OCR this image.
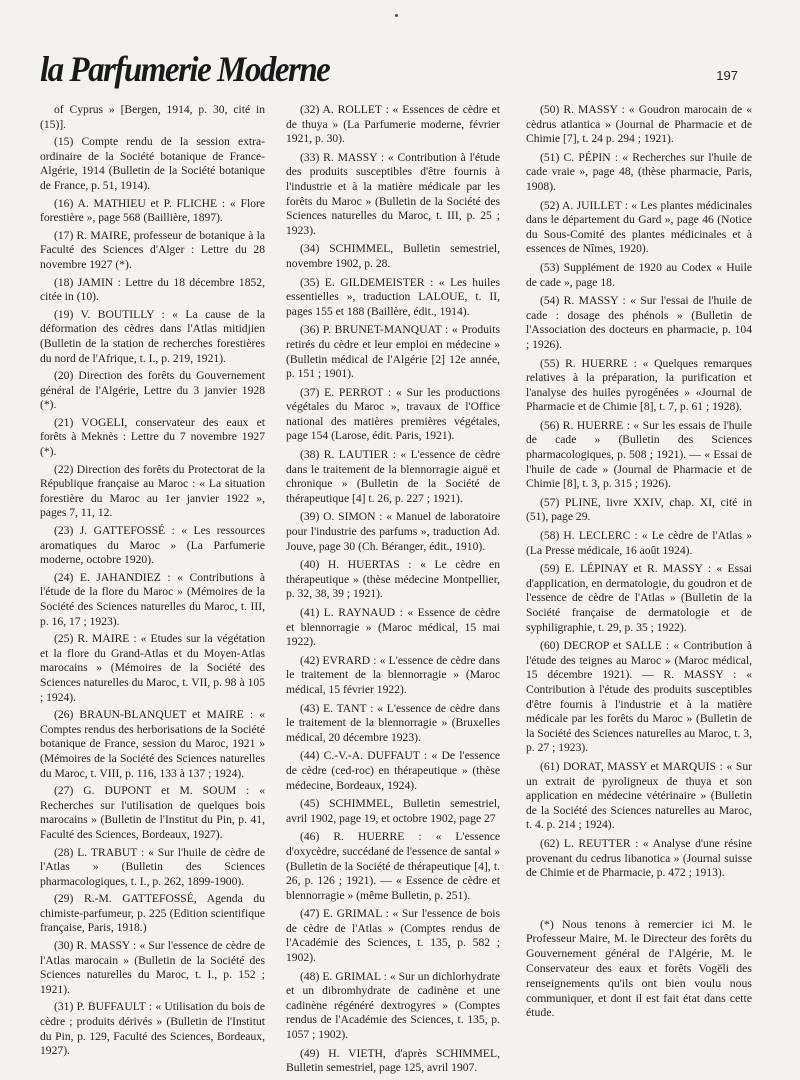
la Parfumerie Moderne	197

of Cyprus » [Bergen, 1914, p. 30, cité in (15)].

(15) Compte rendu de la session extra-ordinaire de la Société botanique de France-Algérie, 1914 (Bulletin de la Société botanique de France, p. 51, 1914).

(16) A. MATHIEU et P. FLICHE : « Flore forestière », page 568 (Baillière, 1897).

(17) R. MAIRE, professeur de botanique à la Faculté des Sciences d'Alger : Lettre du 28 novembre 1927 (*).

(18) JAMIN : Lettre du 18 décembre 1852, citée in (10).

(19) V. BOUTILLY : « La cause de la déformation des cèdres dans l'Atlas mitidjien (Bulletin de la station de recherches forestières du nord de l'Afrique, t. I., p. 219, 1921).

(20) Direction des forêts du Gouvernement général de l'Algérie, Lettre du 3 janvier 1928 (*).

(21) VOGELI, conservateur des eaux et forêts à Meknès : Lettre du 7 novembre 1927 (*).

(22) Direction des forêts du Protectorat de la République française au Maroc : « La situation forestière du Maroc au 1er janvier 1922 », pages 7, 11, 12.

(23) J. GATTEFOSSÉ : « Les ressources aromatiques du Maroc » (La Parfumerie moderne, octobre 1920).

(24) E. JAHANDIEZ : « Contributions à l'étude de la flore du Maroc » (Mémoires de la Société des Sciences naturelles du Maroc, t. III, p. 16, 17 ; 1923).

(25) R. MAIRE : « Etudes sur la végétation et la flore du Grand-Atlas et du Moyen-Atlas marocains » (Mémoires de la Société des Sciences naturelles du Maroc, t. VII, p. 98 à 105 ; 1924).

(26) BRAUN-BLANQUET et MAIRE : « Comptes rendus des herborisations de la Société botanique de France, session du Maroc, 1921 » (Mémoires de la Société des Sciences naturelles du Maroc, t. VIII, p. 116, 133 à 137 ; 1924).

(27) G. DUPONT et M. SOUM : « Recherches sur l'utilisation de quelques bois marocains » (Bulletin de l'Institut du Pin, p. 41, Faculté des Sciences, Bordeaux, 1927).

(28) L. TRABUT : « Sur l'huile de cèdre de l'Atlas » (Bulletin des Sciences pharmacologiques, t. I., p. 262, 1899-1900).

(29) R.-M. GATTEFOSSÉ, Agenda du chimiste-parfumeur, p. 225 (Edition scientifique française, Paris, 1918.)

(30) R. MASSY : « Sur l'essence de cèdre de l'Atlas marocain » (Bulletin de la Société des Sciences naturelles du Maroc, t. I., p. 152 ; 1921).

(31) P. BUFFAULT : « Utilisation du bois de cèdre ; produits dérivés » (Bulletin de l'Institut du Pin, p. 129, Faculté des Sciences, Bordeaux, 1927).

(32) A. ROLLET : « Essences de cèdre et de thuya » (La Parfumerie moderne, février 1921, p. 30).

(33) R. MASSY : « Contribution à l'étude des produits susceptibles d'être fournis à l'industrie et à la matière médicale par les forêts du Maroc » (Bulletin de la Société des Sciences naturelles du Maroc, t. III, p. 25 ; 1923).

(34) SCHIMMEL, Bulletin semestriel, novembre 1902, p. 28.

(35) E. GILDEMEISTER : « Les huiles essentielles », traduction LALOUE, t. II, pages 155 et 188 (Baillère, édit., 1914).

(36) P. BRUNET-MANQUAT : « Produits retirés du cèdre et leur emploi en médecine » (Bulletin médical de l'Algérie [2] 12e année, p. 151 ; 1901).

(37) E. PERROT : « Sur les productions végétales du Maroc », travaux de l'Office national des matières premières végétales, page 154 (Larose, édit. Paris, 1921).

(38) R. LAUTIER : « L'essence de cèdre dans le traitement de la blennorragie aiguë et chronique » (Bulletin de la Société de thérapeutique [4] t. 26, p. 227 ; 1921).

(39) O. SIMON : « Manuel de laboratoire pour l'industrie des parfums », traduction Ad. Jouve, page 30 (Ch. Béranger, édit., 1910).

(40) H. HUERTAS : « Le cèdre en thérapeutique » (thèse médecine Montpellier, p. 32, 38, 39 ; 1921).

(41) L. RAYNAUD : « Essence de cèdre et blennorragie » (Maroc médical, 15 mai 1922).

(42) EVRARD : « L'essence de cèdre dans le traitement de la blennorragie » (Maroc médical, 15 février 1922).

(43) E. TANT : « L'essence de cèdre dans le traitement de la blennorragie » (Bruxelles médical, 20 décembre 1923).

(44) C.-V.-A. DUFFAUT : « De l'essence de cèdre (ced-roc) en thérapeutique » (thèse médecine, Bordeaux, 1924).

(45) SCHIMMEL, Bulletin semestriel, avril 1902, page 19, et octobre 1902, page 27

(46) R. HUERRE : « L'essence d'oxycèdre, succédané de l'essence de santal » (Bulletin de la Société de thérapeutique [4], t. 26, p. 126 ; 1921). — « Essence de cèdre et blennorragie » (même Bulletin, p. 251).

(47) E. GRIMAL : « Sur l'essence de bois de cèdre de l'Atlas » (Comptes rendus de l'Académie des Sciences, t. 135, p. 582 ; 1902).

(48) E. GRIMAL : « Sur un dichlorhydrate et un dibromhydrate de cadinène et une cadinène régénéré dextrogyres » (Comptes rendus de l'Académie des Sciences, t. 135, p. 1057 ; 1902).

(49) H. VIETH, d'après SCHIMMEL, Bulletin semestriel, page 125, avril 1907.

(50) R. MASSY : « Goudron marocain de « cèdrus atlantica » (Journal de Pharmacie et de Chimie [7], t. 24 p. 294 ; 1921).

(51) C. PÉPIN : « Recherches sur l'huile de cade vraie », page 48, (thèse pharmacie, Paris, 1908).

(52) A. JUILLET : « Les plantes médicinales dans le département du Gard », page 46 (Notice du Sous-Comité des plantes médicinales et à essences de Nîmes, 1920).

(53) Supplément de 1920 au Codex « Huile de cade », page 18.

(54) R. MASSY : « Sur l'essai de l'huile de cade : dosage des phénols » (Bulletin de l'Association des docteurs en pharmacie, p. 104 ; 1926).

(55) R. HUERRE : « Quelques remarques relatives à la préparation, la purification et l'analyse des huiles pyrogénées » «Journal de Pharmacie et de Chimie [8], t. 7, p. 61 ; 1928).

(56) R. HUERRE : « Sur les essais de l'huile de cade » (Bulletin des Sciences pharmacologiques, p. 508 ; 1921). — « Essai de l'huile de cade » (Journal de Pharmacie et de Chimie [8], t. 3, p. 315 ; 1926).

(57) PLINE, livre XXIV, chap. XI, cité in (51), page 29.

(58) H. LECLERC : « Le cèdre de l'Atlas » (La Presse médicale, 16 août 1924).

(59) E. LÉPINAY et R. MASSY : « Essai d'application, en dermatologie, du goudron et de l'essence de cèdre de l'Atlas » (Bulletin de la Société française de dermatologie et de syphiligraphie, t. 29, p. 35 ; 1922).

(60) DECROP et SALLE : « Contribution à l'étude des teignes au Maroc » (Maroc médical, 15 décembre 1921). — R. MASSY : « Contribution à l'étude des produits susceptibles d'être fournis à l'industrie et à la matière médicale par les forêts du Maroc » (Bulletin de la Société des Sciences naturelles au Maroc, t. 3, p. 27 ; 1923).

(61) DORAT, MASSY et MARQUIS : « Sur un extrait de pyroligneux de thuya et son application en médecine vétérinaire » (Bulletin de la Société des Sciences naturelles au Maroc, t. 4. p. 214 ; 1924).

(62) L. REUTTER : « Analyse d'une résine provenant du cedrus libanotica » (Journal suisse de Chimie et de Pharmacie, p. 472 ; 1913).

(*) Nous tenons à remercier ici M. le Professeur Maire, M. le Directeur des forêts du Gouvernement général de l'Algérie, M. le Conservateur des eaux et forêts Vogëli des renseignements qu'ils ont bien voulu nous communiquer, et dont il est fait état dans cette étude.
